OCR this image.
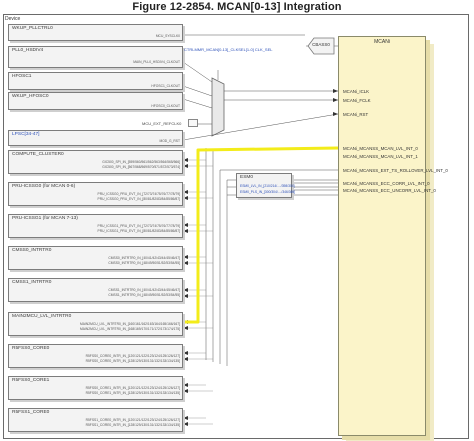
Figure 12-2854. MCAN[0-13] Integration
Device
CBASS0	MCANi
MCANi_ICLK
MCANi_FCLK
MCANi_RST
MCANi_MCANSS_MCAN_LVL_INT_0
MCANi_MCANSS_MCAN_LVL_INT_1
MCANi_MCANSS_EXT_TS_ROLLOVER_LVL_INT_0
MCANi_MCANSS_ECC_CORR_LVL_INT_0
MCANi_MCANSS_ECC_UNCORR_LVL_INT_0
WKUP_PLLCTRL0
MCU_SYSCLK0
PLL0_HSDIV4
MAIN_PLL0_HSDIV4_CLKOUT
HFOSC1
HFOSC1_CLKOUT
WKUP_HFOSC0
HFOSC0_CLKOUT
MCU_EXT_REFCLK0
CTRLMMR_MCAN[0-13]_CLKSEL[1-0] CLK_SEL
LPSC[34-47]
MOD_G_RST
ESM0
ESM0_LVL_IN_[210/214/..../398/304]
ESM0_PLS_IN_[300/304/..../346/369]
COMPUTE_CLUSTER0
GIC500_SPI_IN_[559/560/561/562/563/564/565/566]
GIC500_SPI_IN_[567/568/569/570/571/572/573/574]
PRU-ICSSG0 (for MCAN 0-6)
PRU_ICSSG0_PRU_EVT_IN_[72/73/74/75/76/77/78/79]
PRU_ICSSG0_PRU_EVT_IN_[80/81/82/83/84/85/86/87]
PRU-ICSSG1 (for MCAN 7-13)
PRU_ICSSG1_PRU_EVT_IN_[72/73/74/75/76/77/78/79]
PRU_ICSSG1_PRU_EVT_IN_[80/81/82/83/84/85/86/87]
CMSS0_INTRTR0
CMSS0_INTRTR0_IN_[40/41/42/43/44/45/46/47]
CMSS0_INTRTR0_IN_[48/49/50/51/52/53/54/55]
CMSS1_INTRTR0
CMSS1_INTRTR0_IN_[40/41/42/43/44/45/46/47]
CMSS1_INTRTR0_IN_[48/49/50/51/52/53/54/55]
MAIN2MCU_LVL_INTRTR0
MAIN2MCU_LVL_INTRTR0_IN_[160/161/162/163/164/165/166/167]
MAIN2MCU_LVL_INTRTR0_IN_[168/169/170/171/172/173/174/175]
R5FSS0_CORE0
R5FSS0_CORE0_INTR_IN_[120/121/122/123/124/125/126/127]
R5FSS0_CORE0_INTR_IN_[128/129/130/131/132/133/134/135]
R5FSS0_CORE1
R5FSS0_CORE1_INTR_IN_[120/121/122/123/124/125/126/127]
R5FSS0_CORE1_INTR_IN_[128/129/130/131/132/133/134/135]
R5FSS1_CORE0
R5FSS1_CORE0_INTR_IN_[120/121/122/123/124/125/126/127]
R5FSS1_CORE0_INTR_IN_[128/129/130/131/132/133/134/135]
